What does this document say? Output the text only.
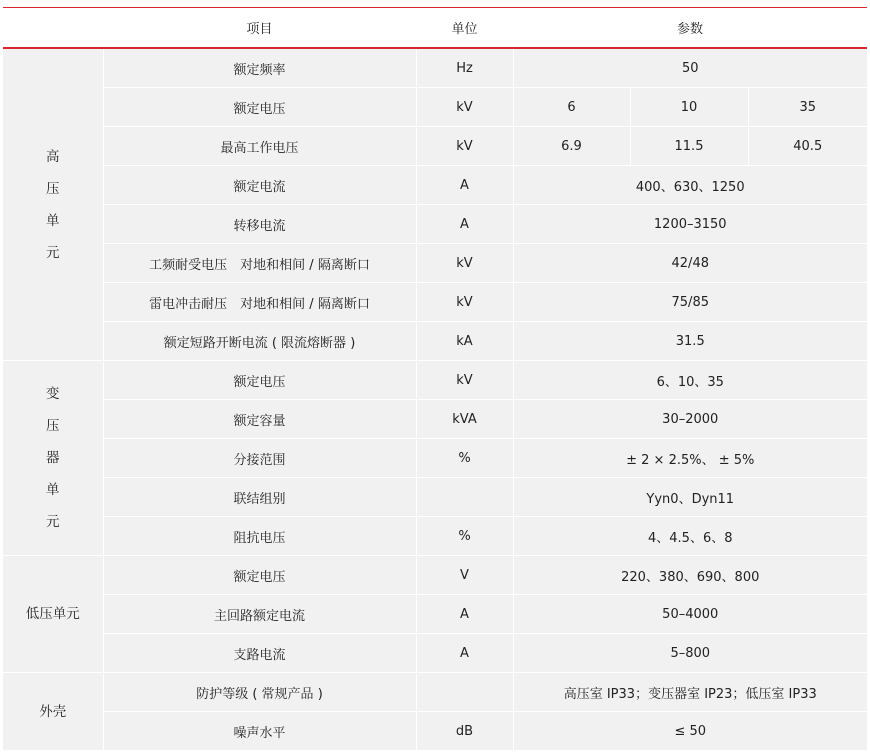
	项目	单位	参数		

高
压
单
元	额定频率	Hz	50		
	额定电压	kV	6	10	35
	最高工作电压	kV	6.9	11.5	40.5
	额定电流	A	400、630、1250		
	转移电流	A	1200–3150		
	工频耐受电压　对地和相间 / 隔离断口	kV	42/48		
	雷电冲击耐压　对地和相间 / 隔离断口	kV	75/85		
	额定短路开断电流 ( 限流熔断器 )	kA	31.5		

变
压
器
单
元	额定电压	kV	6、10、35		
	额定容量	kVA	30–2000		
	分接范围	%	± 2 × 2.5%、 ± 5%		
	联结组别		Yyn0、Dyn11		
	阻抗电压	%	4、4.5、6、8		
低压单元	额定电压	V	220、380、690、800		
	主回路额定电流	A	50–4000		
	支路电流	A	5–800		
外壳	防护等级 ( 常规产品 )		高压室 IP33；变压器室 IP23；低压室 IP33		
	噪声水平	dB	≤ 50		
